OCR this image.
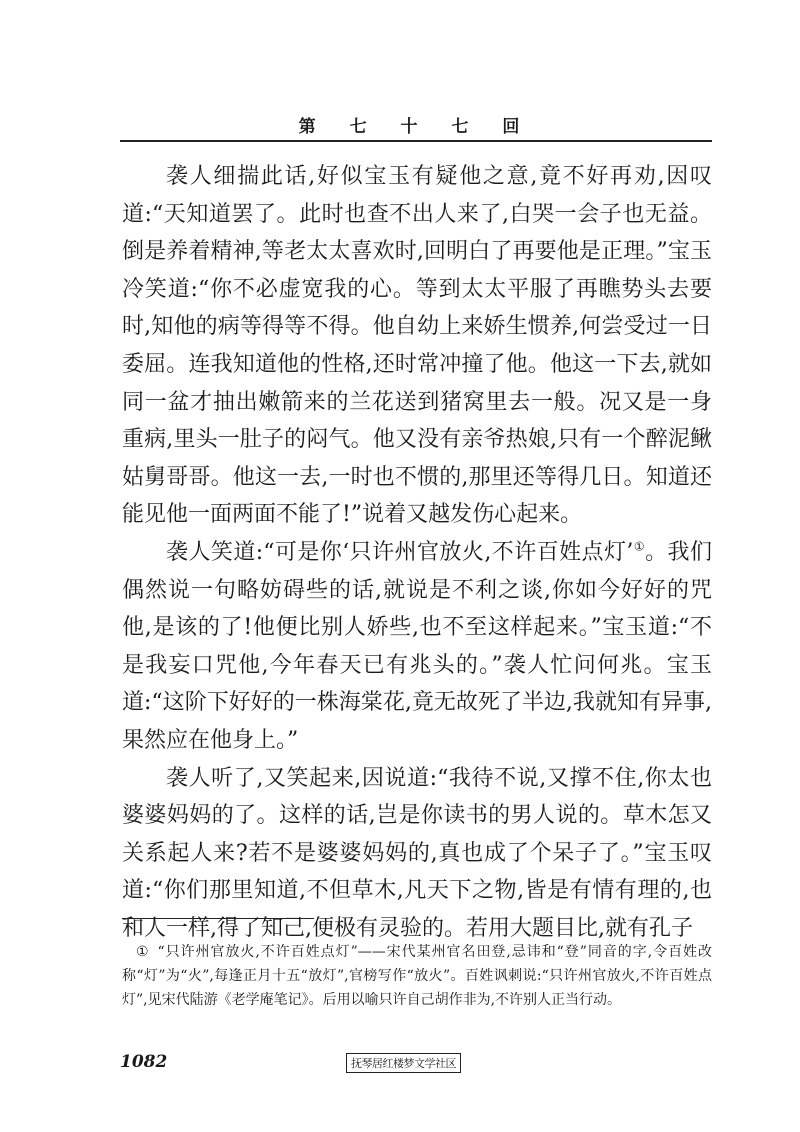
第 七 十 七 回

袭人细揣此话,好似宝玉有疑他之意,竟不好再劝,因叹道:“天知道罢了。此时也查不出人来了,白哭一会子也无益。倒是养着精神,等老太太喜欢时,回明白了再要他是正理。”宝玉冷笑道:“你不必虚宽我的心。等到太太平服了再瞧势头去要时,知他的病等得等不得。他自幼上来娇生惯养,何尝受过一日委屈。连我知道他的性格,还时常冲撞了他。他这一下去,就如同一盆才抽出嫩箭来的兰花送到猪窝里去一般。况又是一身重病,里头一肚子的闷气。他又没有亲爷热娘,只有一个醉泥鳅姑舅哥哥。他这一去,一时也不惯的,那里还等得几日。知道还能见他一面两面不能了!”说着又越发伤心起来。

袭人笑道:“可是你‘只许州官放火,不许百姓点灯’①。我们偶然说一句略妨碍些的话,就说是不利之谈,你如今好好的咒他,是该的了!他便比别人娇些,也不至这样起来。”宝玉道:“不是我妄口咒他,今年春天已有兆头的。”袭人忙问何兆。宝玉道:“这阶下好好的一株海棠花,竟无故死了半边,我就知有异事,果然应在他身上。”

袭人听了,又笑起来,因说道:“我待不说,又撑不住,你太也婆婆妈妈的了。这样的话,岂是你读书的男人说的。草木怎又关系起人来?若不是婆婆妈妈的,真也成了个呆子了。”宝玉叹道:“你们那里知道,不但草木,凡天下之物,皆是有情有理的,也和人一样,得了知己,便极有灵验的。若用大题目比,就有孔子

① “只许州官放火,不许百姓点灯”——宋代某州官名田登,忌讳和“登”同音的字,令百姓改称“灯”为“火”,每逢正月十五“放灯”,官榜写作“放火”。百姓讽刺说:“只许州官放火,不许百姓点灯”,见宋代陆游《老学庵笔记》。后用以喻只许自己胡作非为,不许别人正当行动。
1082	抚琴居红楼梦文学社区
